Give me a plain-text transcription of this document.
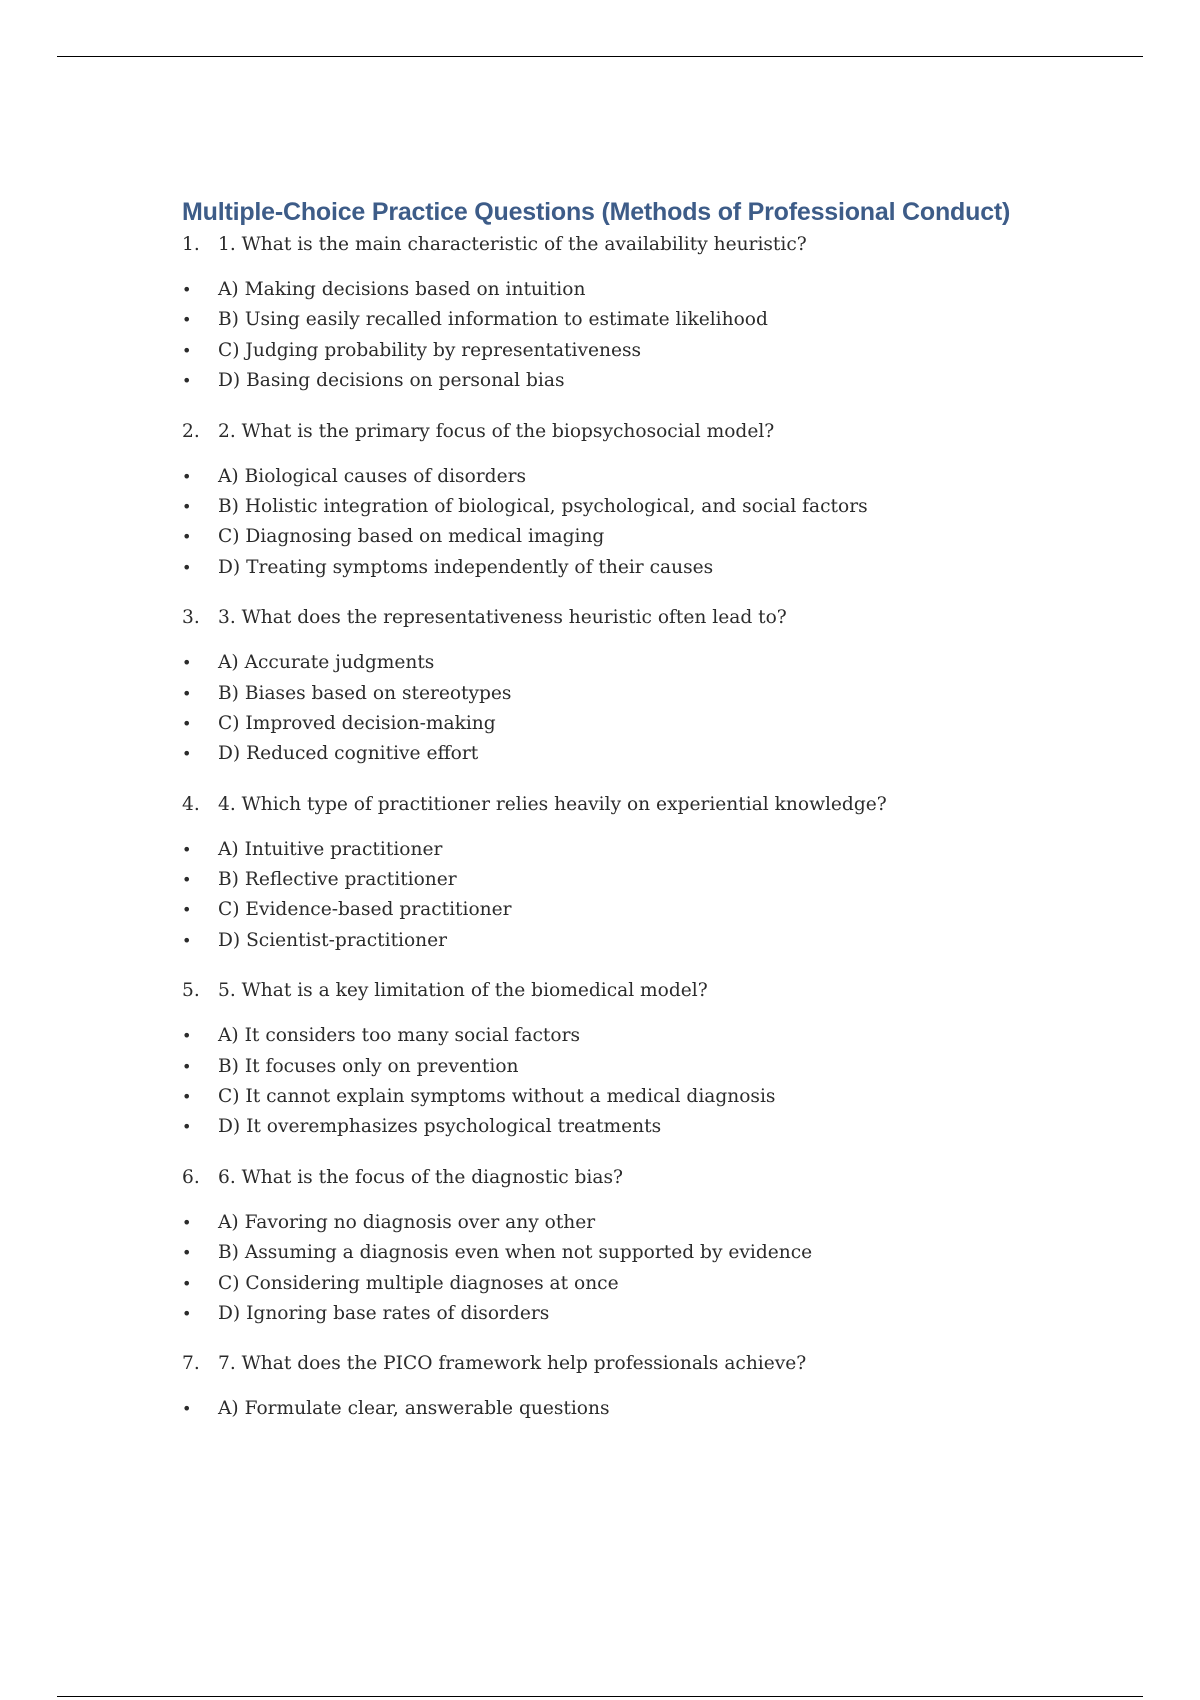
Multiple-Choice Practice Questions (Methods of Professional Conduct)
1. 1. What is the main characteristic of the availability heuristic?
• A) Making decisions based on intuition
• B) Using easily recalled information to estimate likelihood
• C) Judging probability by representativeness
• D) Basing decisions on personal bias
2. 2. What is the primary focus of the biopsychosocial model?
• A) Biological causes of disorders
• B) Holistic integration of biological, psychological, and social factors
• C) Diagnosing based on medical imaging
• D) Treating symptoms independently of their causes
3. 3. What does the representativeness heuristic often lead to?
• A) Accurate judgments
• B) Biases based on stereotypes
• C) Improved decision-making
• D) Reduced cognitive effort
4. 4. Which type of practitioner relies heavily on experiential knowledge?
• A) Intuitive practitioner
• B) Reflective practitioner
• C) Evidence-based practitioner
• D) Scientist-practitioner
5. 5. What is a key limitation of the biomedical model?
• A) It considers too many social factors
• B) It focuses only on prevention
• C) It cannot explain symptoms without a medical diagnosis
• D) It overemphasizes psychological treatments
6. 6. What is the focus of the diagnostic bias?
• A) Favoring no diagnosis over any other
• B) Assuming a diagnosis even when not supported by evidence
• C) Considering multiple diagnoses at once
• D) Ignoring base rates of disorders
7. 7. What does the PICO framework help professionals achieve?
• A) Formulate clear, answerable questions
